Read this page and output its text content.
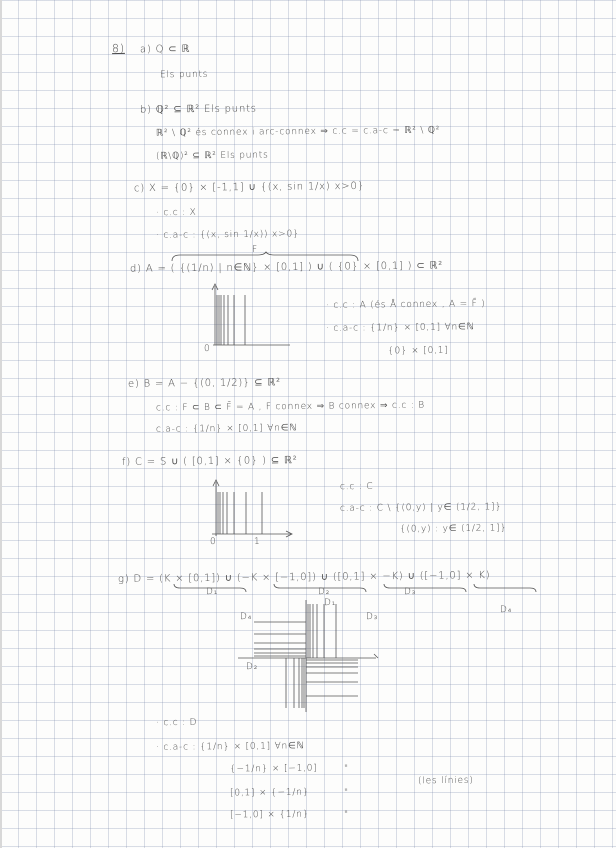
8) a) Q ⊂ ℝ
Els punts
b) ℚ² ⊆ ℝ² Els punts
ℝ² \ ℚ² és connex i arc-connex ⇒ c.c = c.a-c = ℝ² \ ℚ²
(ℝ\ℚ)² ⊆ ℝ² Els punts
c) X = {0} × [-1,1] ∪ {(x, sin 1/x) x>0}
· c.c : X
· c.a-c : {(x, sin 1/x)) x>0}
F
d) A = ( {(1/n) | n∈ℕ} × [0,1] ) ∪ ( {0} × [0,1] ) ⊂ ℝ²
0
· c.c : A (és Å connex , A = F̄ )
· c.a-c : {1/n} × [0,1] ∀n∈ℕ
{0} × [0,1]
e) B = A − {(0, 1/2)} ⊆ ℝ²
c.c : F ⊂ B ⊂ F̄ = A , F connex ⇒ B connex ⇒ c.c : B
c.a-c : {1/n} × [0,1] ∀n∈ℕ
f) C = S ∪ ( [0,1] × {0} ) ⊆ ℝ²
c.c : C
c.a-c : C \ {(0,y) | y∈ (1/2, 1]}
{(0,y) : y∈ (1/2, 1]}
0	1
g) D = (K × [0,1]) ∪ (−K × [−1,0]) ∪ ([0,1] × −K) ∪ ([−1,0] × K)
D₁	D₂	D₃
D₄
D₄
D₁
D₃
D₂
· c.c : D
· c.a-c : {1/n} × [0,1] ∀n∈ℕ
{−1/n} × [−1,0]	"
[0,1] × {−1/n}	"
[−1,0] × {1/n}	"
(les línies)
